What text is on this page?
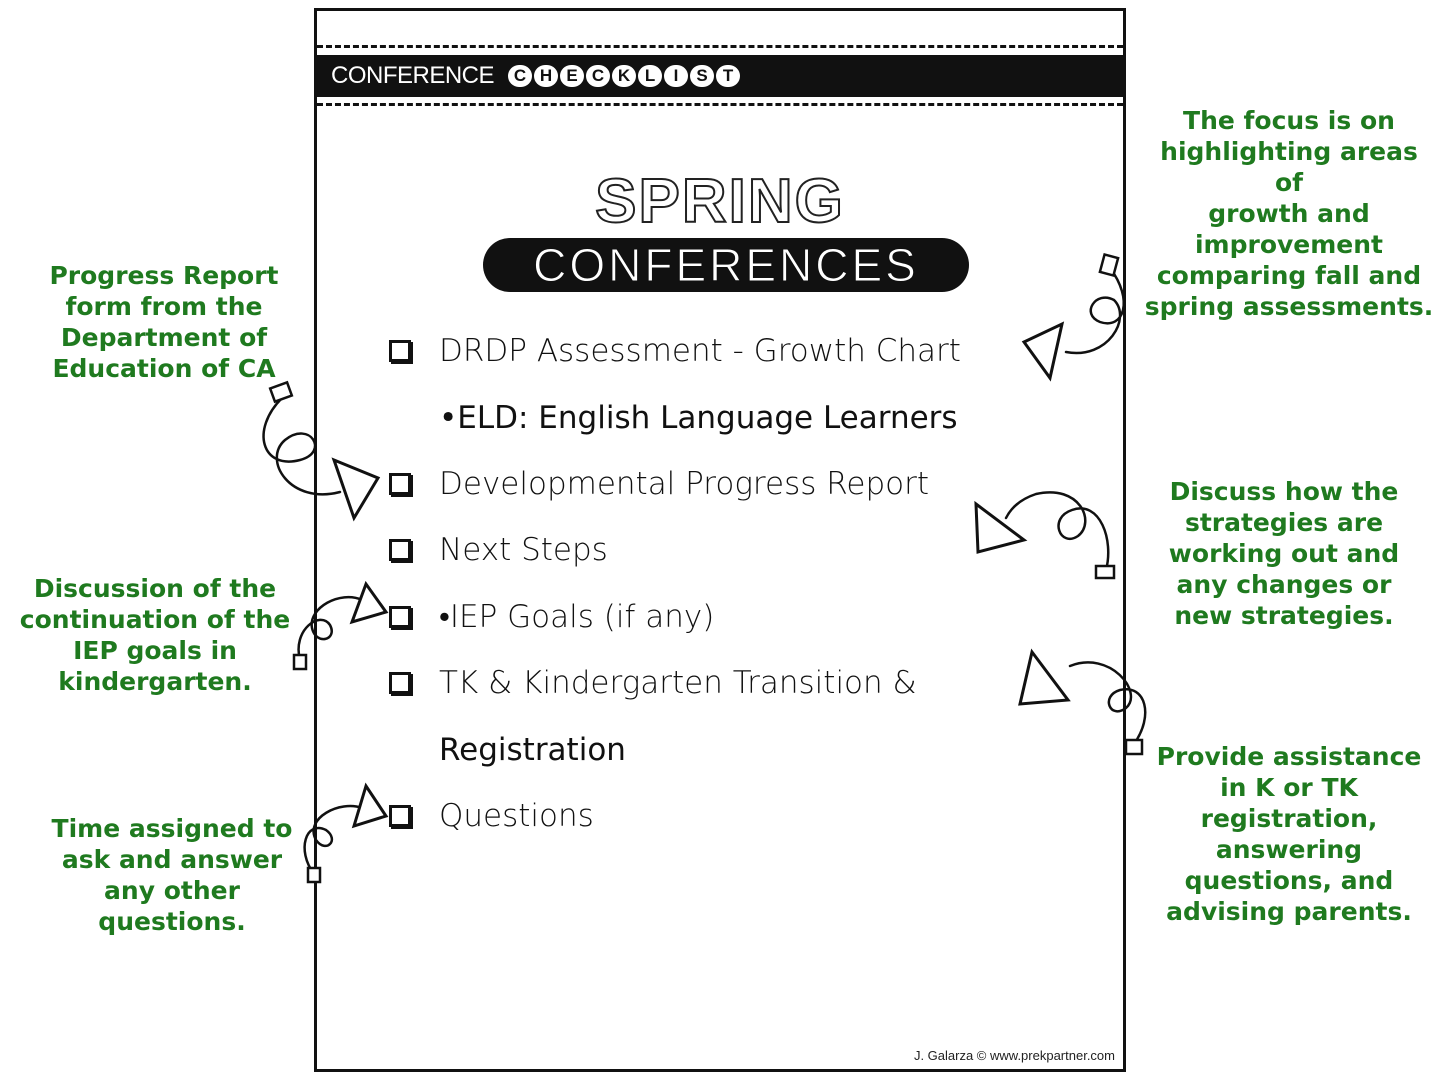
CONFERENCE	C H E C K L	I	S T
SPRING
CONFERENCES
DRDP Assessment - Growth Chart
•ELD: English Language Learners
Developmental Progress Report
Next Steps
•IEP Goals (if any)
TK & Kindergarten Transition &
Registration
Questions
J. Galarza © www.prekpartner.com
Progress Report
form from the
Department of
Education of CA
Discussion of the
continuation of the
IEP goals in
kindergarten.
Time assigned to
ask and answer
any other
questions.
The focus is on
highlighting areas of
growth and
improvement
comparing fall and
spring assessments.
Discuss how the
strategies are
working out and
any changes or
new strategies.
Provide assistance
in K or TK
registration,
answering
questions, and
advising parents.
